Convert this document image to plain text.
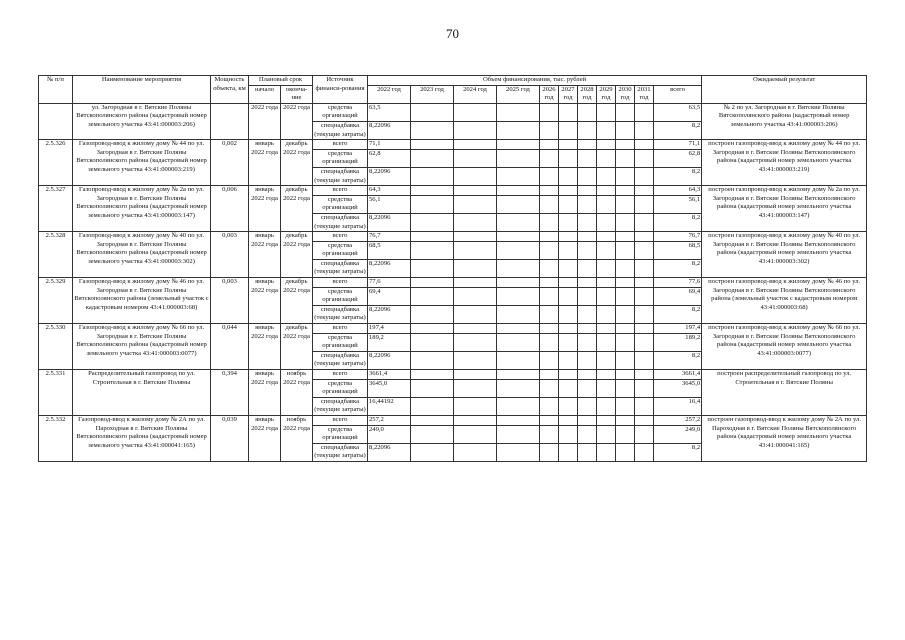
70
№ п/п	Наименование мероприятия	Мощность объекта, км	Плановый срок		Источник финанси-рования	Объем финансирования, тыс. рублей											Ожидаемый результат
			начало	оконча-ние		2022 год	2023 год	2024 год	2025 год	2026 год	2027 год	2028 год	2029 год	2030 год	2031 год	всего	
	ул. Загородная в г. Вятские Поляны Вятскополянского района (кадастровый номер земельного участка 43:41:000003:206)		2022 года	2022 года	средства организаций	63,5										63,5	№ 2 по ул. Загородная в г. Вятские Поляны Вятскополянского района (кадастровый номер земельного участка 43:41:000003:206)
					спецнадбавка (текущие затраты)	8,22096										8,2	
2.5.326	Газопровод-ввод к жилому дому № 44 по ул. Загородная в г. Вятские Поляны Вятскополянского района (кадастровый номер земельного участка 43:41:000003:219)	0,002	январь 2022 года	декабрь 2022 года	всего	71,1										71,1	построен газопровод-ввод к жилому дому № 44 по ул. Загородная в г. Вятские Поляны Вятскополянского района (кадастровый номер земельного участка 43:41:000003:219)
					средства организаций	62,8										62,8	
					спецнадбавка (текущие затраты)	8,22096										8,2	
2.5.327	Газопровод-ввод к жилому дому № 2а по ул. Загородная в г. Вятские Поляны Вятскополянского района (кадастровый номер земельного участка 43:41:000003:147)	0,006	январь 2022 года	декабрь 2022 года	всего	64,3										64,3	построен газопровод-ввод к жилому дому № 2а по ул. Загородная в г. Вятские Поляны Вятскополянского района (кадастровый номер земельного участка 43:41:000003:147)
					средства организаций	56,1										56,1	
					спецнадбавка (текущие затраты)	8,22096										8,2	
2.5.328	Газопровод-ввод к жилому дому № 40 по ул. Загородная в г. Вятские Поляны Вятскополянского района (кадастровый номер земельного участка 43:41:000003:302)	0,003	январь 2022 года	декабрь 2022 года	всего	76,7										76,7	построен газопровод-ввод к жилому дому № 40 по ул. Загородная в г. Вятские Поляны Вятскополянского района (кадастровый номер земельного участка 43:41:000003:302)
					средства организаций	68,5										68,5	
					спецнадбавка (текущие затраты)	8,22096										8,2	
2.5.329	Газопровод-ввод к жилому дому № 46 по ул. Загородная в г. Вятские Поляны Вятскополянского района (земельный участок с кадастровым номером 43:41:000003:68)	0,003	январь 2022 года	декабрь 2022 года	всего	77,6										77,6	построен газопровод-ввод к жилому дому № 46 по ул. Загородная в г. Вятские Поляны Вятскополянского района (земельный участок с кадастровым номером 43:41:000003:68)
					средства организаций	69,4										69,4	
					спецнадбавка (текущие затраты)	8,22096										8,2	
2.5.330	Газопровод-ввод к жилому дому № 66 по ул. Загородная в г. Вятские Поляны Вятскополянского района (кадастровый номер земельного участка 43:41:000003:0077)	0,044	январь 2022 года	декабрь 2022 года	всего	197,4										197,4	построен газопровод-ввод к жилому дому № 66 по ул. Загородная в г. Вятские Поляны Вятскополянского района (кадастровый номер земельного участка 43:41:000003:0077)
					средства организаций	189,2										189,2	
					спецнадбавка (текущие затраты)	8,22096										8,2	
2.5.331	Распределительный газопровод по ул. Строительная в г. Вятские Поляны	0,394	январь 2022 года	ноябрь 2022 года	всего	3661,4										3661,4	построен распределительный газопровод по ул. Строительная в г. Вятские Поляны
					средства организаций	3645,0										3645,0	
					спецнадбавка (текущие затраты)	16,44192										16,4	
2.5.332	Газопровод-ввод к жилому дому № 2А по ул. Пароходная в г. Вятские Поляны Вятскополянского района (кадастровый номер земельного участка 43:41:000041:165)	0,039	январь 2022 года	ноябрь 2022 года	всего	257,2										257,2	построен газопровод-ввод к жилому дому № 2А по ул. Пароходная в г. Вятские Поляны Вятскополянского района (кадастровый номер земельного участка 43:41:000041:165)
					средства организаций	249,0										249,0	
					спецнадбавка (текущие затраты)	8,22096										8,2	
